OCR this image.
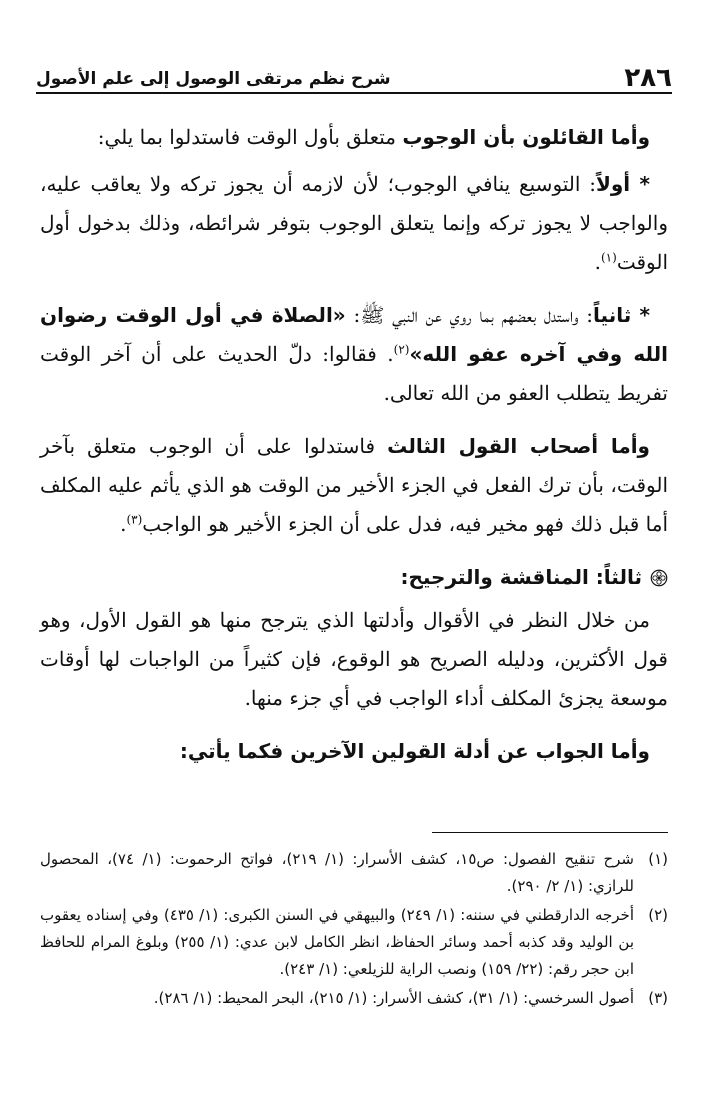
٢٨٦
شرح نظم مرتقى الوصول إلى علم الأصول

وأما القائلون بأن الوجوب متعلق بأول الوقت فاستدلوا بما يلي:

* أولاً: التوسيع ينافي الوجوب؛ لأن لازمه أن يجوز تركه ولا يعاقب عليه، والواجب لا يجوز تركه وإنما يتعلق الوجوب بتوفر شرائطه، وذلك بدخول أول الوقت$^{(١)}$.

* ثانياً: واستدل بعضهم بما روي عن النبي ﷺ: «الصلاة في أول الوقت رضوان الله وفي آخره عفو الله»$^{(٢)}$. فقالوا: دلّ الحديث على أن آخر الوقت تفريط يتطلب العفو من الله تعالى.

وأما أصحاب القول الثالث فاستدلوا على أن الوجوب متعلق بآخر الوقت، بأن ترك الفعل في الجزء الأخير من الوقت هو الذي يأثم عليه المكلف أما قبل ذلك فهو مخير فيه، فدل على أن الجزء الأخير هو الواجب$^{(٣)}$.

ثالثاً: المناقشة والترجيح:

من خلال النظر في الأقوال وأدلتها الذي يترجح منها هو القول الأول، وهو قول الأكثرين، ودليله الصريح هو الوقوع، فإن كثيراً من الواجبات لها أوقات موسعة يجزئ المكلف أداء الواجب في أي جزء منها.

وأما الجواب عن أدلة القولين الآخرين فكما يأتي:

(١)
شرح تنقيح الفصول: ص١٥، كشف الأسرار: (١/ ٢١٩)، فواتح الرحموت: (١/ ٧٤)، المحصول للرازي: (١/ ٢/ ٢٩٠).
(٢)
أخرجه الدارقطني في سننه: (١/ ٢٤٩) والبيهقي في السنن الكبرى: (١/ ٤٣٥) وفي إسناده يعقوب بن الوليد وقد كذبه أحمد وسائر الحفاظ، انظر الكامل لابن عدي: (١/ ٢٥٥) وبلوغ المرام للحافظ ابن حجر رقم: (٢٢/ ١٥٩) ونصب الراية للزيلعي: (١/ ٢٤٣).
(٣)
أصول السرخسي: (١/ ٣١)، كشف الأسرار: (١/ ٢١٥)، البحر المحيط: (١/ ٢٨٦).
